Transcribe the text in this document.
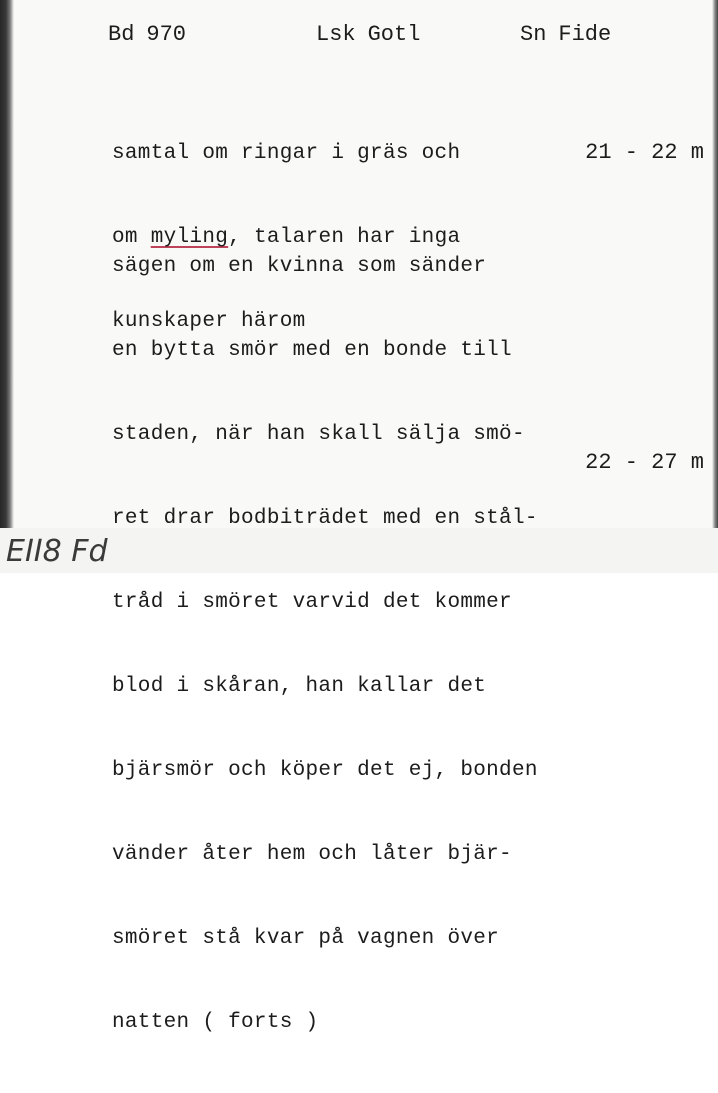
Bd 970	Lsk Gotl	Sn Fide

samtal om ringar i gräs och

om myling, talaren har inga

kunskaper härom

21 - 22 m

sägen om en kvinna som sänder

en bytta smör med en bonde till

staden, när han skall sälja smö-

ret drar bodbiträdet med en stål-

tråd i smöret varvid det kommer

blod i skåran, han kallar det

bjärsmör och köper det ej, bonden

vänder åter hem och låter bjär-

smöret stå kvar på vagnen över

natten ( forts )

22 - 27 m
EII8 Fd
